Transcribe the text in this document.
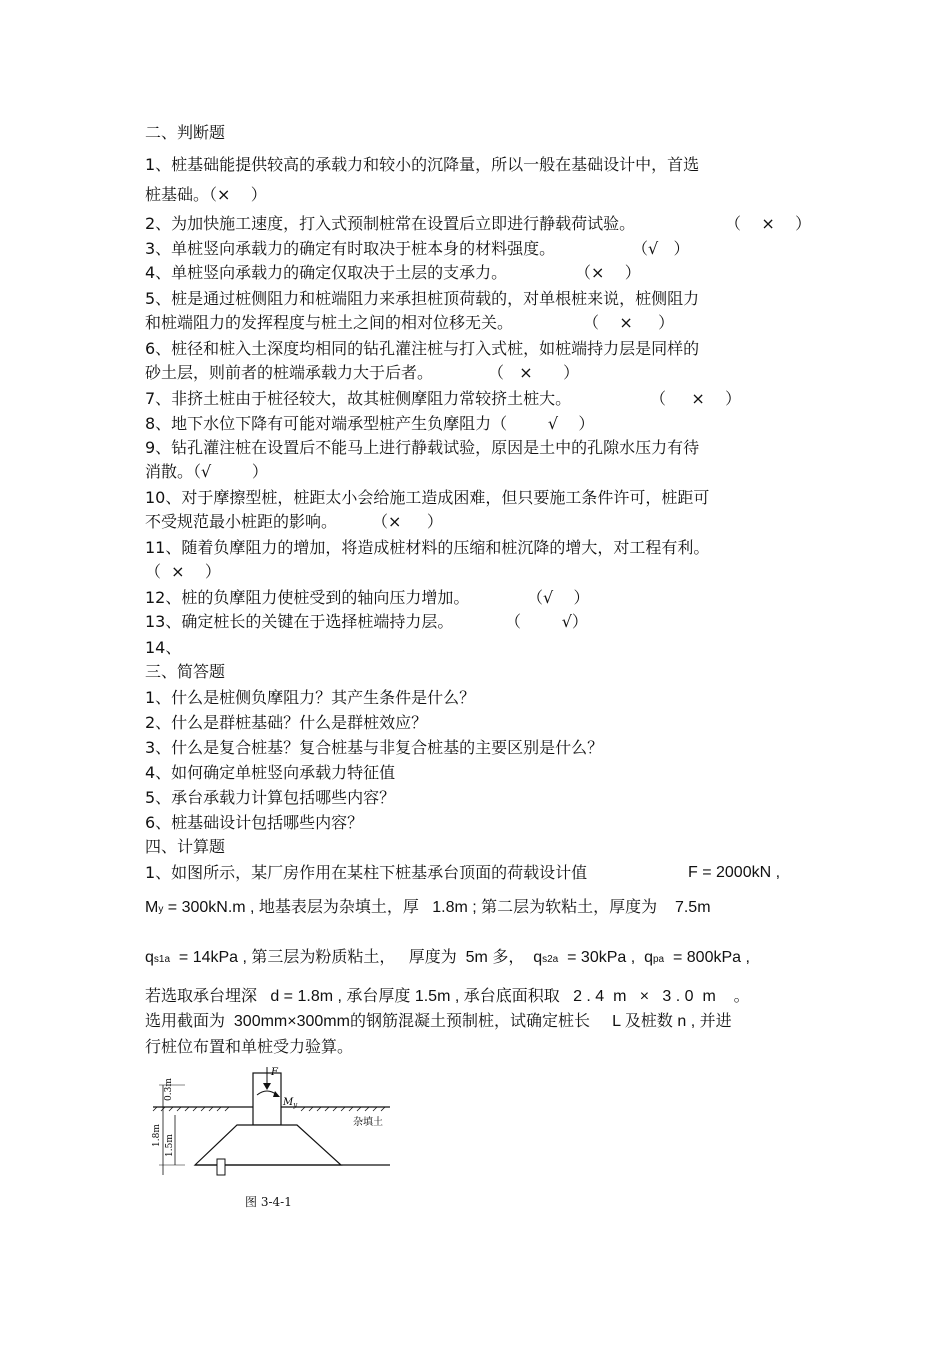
二、判断题
1、桩基础能提供较高的承载力和较小的沉降量，所以一般在基础设计中，首选
桩基础。（×    ）
2、为加快施工速度，打入式预制桩常在设置后立即进行静载荷试验。	（    ×    ）
3、单桩竖向承载力的确定有时取决于桩本身的材料强度。	（√   ）
4、单桩竖向承载力的确定仅取决于土层的支承力。	（×    ）
5、桩是通过桩侧阻力和桩端阻力来承担桩顶荷载的，对单根桩来说，桩侧阻力
和桩端阻力的发挥程度与桩土之间的相对位移无关。	（    ×     ）
6、桩径和桩入土深度均相同的钻孔灌注桩与打入式桩，如桩端持力层是同样的
砂土层，则前者的桩端承载力大于后者。	（   ×      ）
7、非挤土桩由于桩径较大，故其桩侧摩阻力常较挤土桩大。	（     ×    ）
8、地下水位下降有可能对端承型桩产生负摩阻力（        √    ）
9、钻孔灌注桩在设置后不能马上进行静载试验，原因是土中的孔隙水压力有待
消散。（√        ）
10、对于摩擦型桩，桩距太小会给施工造成困难，但只要施工条件许可，桩距可
不受规范最小桩距的影响。 （×     ）
11、随着负摩阻力的增加，将造成桩材料的压缩和桩沉降的增大，对工程有利。
（  ×    ）
12、桩的负摩阻力使桩受到的轴向压力增加。	（√    ）
13、确定桩长的关键在于选择桩端持力层。	（        √）
14、
三、简答题
1、什么是桩侧负摩阻力？其产生条件是什么？
2、什么是群桩基础？什么是群桩效应？
3、什么是复合桩基？复合桩基与非复合桩基的主要区别是什么？
4、如何确定单桩竖向承载力特征值
5、承台承载力计算包括哪些内容？
6、桩基础设计包括哪些内容？
四、计算题
1、如图所示，某厂房作用在某柱下桩基承台顶面的荷载设计值	F = 2000kN ,
My = 300kN.m , 地基表层为杂填土，厚   1.8m ; 第二层为软粘土，厚度为    7.5m
qs1a  = 14kPa , 第三层为粉质粘土，   厚度为  5m 多，  qs2a  = 30kPa ,  qpa  = 800kPa ,
若选取承台埋深   d = 1.8m , 承台厚度 1.5m , 承台底面积取   2 . 4  m   ×   3 . 0  m    。
选用截面为  300mm×300mm的钢筋混凝土预制桩，试确定桩长     L 及桩数 n , 并进
行桩位布置和单桩受力验算。
0.3m
1.8m 1.5m
F
$M_y$
杂填土
图 3-4-1
